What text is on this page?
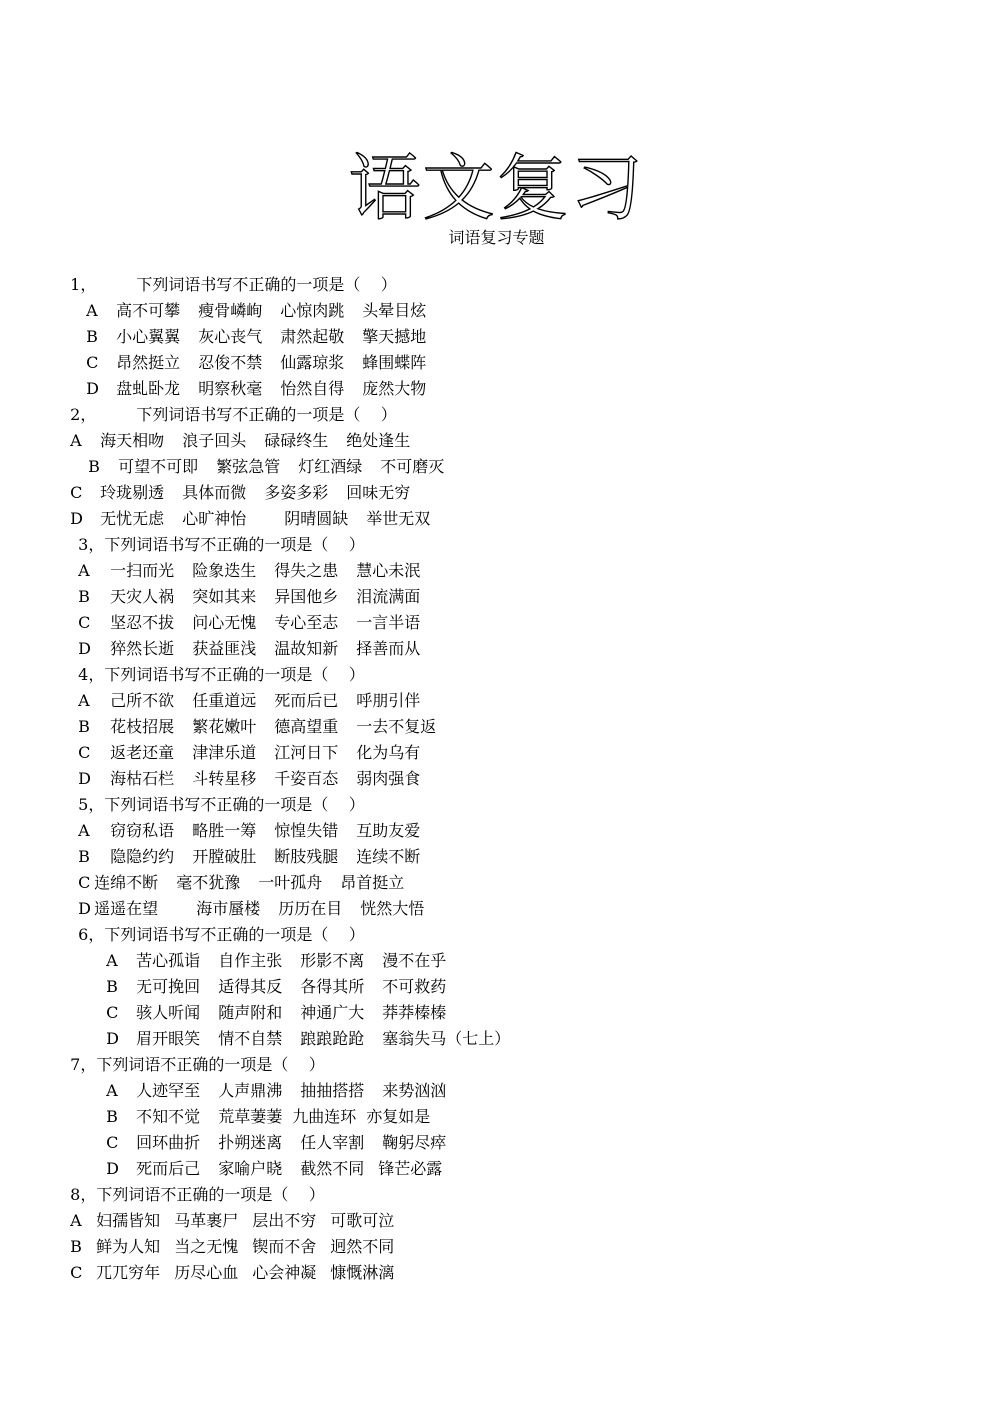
语文复习
词语复习专题

1，	下列词语书写不正确的一项是（    ）

A 高不可攀 瘦骨嶙峋 心惊肉跳 头晕目炫

B 小心翼翼 灰心丧气 肃然起敬 擎天撼地

C 昂然挺立 忍俊不禁 仙露琼浆 蜂围蝶阵

D 盘虬卧龙 明察秋毫 怡然自得 庞然大物

2，	下列词语书写不正确的一项是（    ）

A 海天相吻 浪子回头 碌碌终生 绝处逢生

B 可望不可即 繁弦急管 灯红酒绿 不可磨灭

C 玲珑剔透 具体而微 多姿多彩 回味无穷

D 无忧无虑 心旷神怡 阴晴圆缺 举世无双

3，下列词语书写不正确的一项是（    ）

A 一扫而光 险象迭生 得失之患 慧心未泯

B 天灾人祸 突如其来 异国他乡 泪流满面

C 坚忍不拔 问心无愧 专心至志 一言半语

D 猝然长逝 获益匪浅 温故知新 择善而从

4，下列词语书写不正确的一项是（    ）

A 己所不欲 任重道远 死而后已 呼朋引伴

B 花枝招展 繁花嫩叶 德高望重 一去不复返

C 返老还童 津津乐道 江河日下 化为乌有

D 海枯石栏 斗转星移 千姿百态 弱肉强食

5，下列词语书写不正确的一项是（    ）

A 窃窃私语 略胜一筹 惊惶失错 互助友爱

B 隐隐约约 开膛破肚 断肢残腿 连续不断

C 连绵不断 毫不犹豫 一叶孤舟 昂首挺立

D 遥遥在望 海市蜃楼 历历在目 恍然大悟

6，下列词语书写不正确的一项是（    ）

A 苦心孤诣 自作主张 形影不离 漫不在乎

B 无可挽回 适得其反 各得其所 不可救药

C 骇人听闻 随声附和 神通广大 莽莽榛榛

D 眉开眼笑 情不自禁 踉踉跄跄 塞翁失马（七上）

7，下列词语不正确的一项是（    ）

A 人迹罕至 人声鼎沸 抽抽搭搭 来势汹汹

B 不知不觉 荒草萋萋 九曲连环 亦复如是

C 回环曲折 扑朔迷离 任人宰割 鞠躬尽瘁

D 死而后己 家喻户晓 截然不同 锋芒必露

8，下列词语不正确的一项是（    ）

A 妇孺皆知 马革裹尸 层出不穷 可歌可泣

B 鲜为人知 当之无愧 锲而不舍 迥然不同

C 兀兀穷年 历尽心血 心会神凝 慷慨淋漓
